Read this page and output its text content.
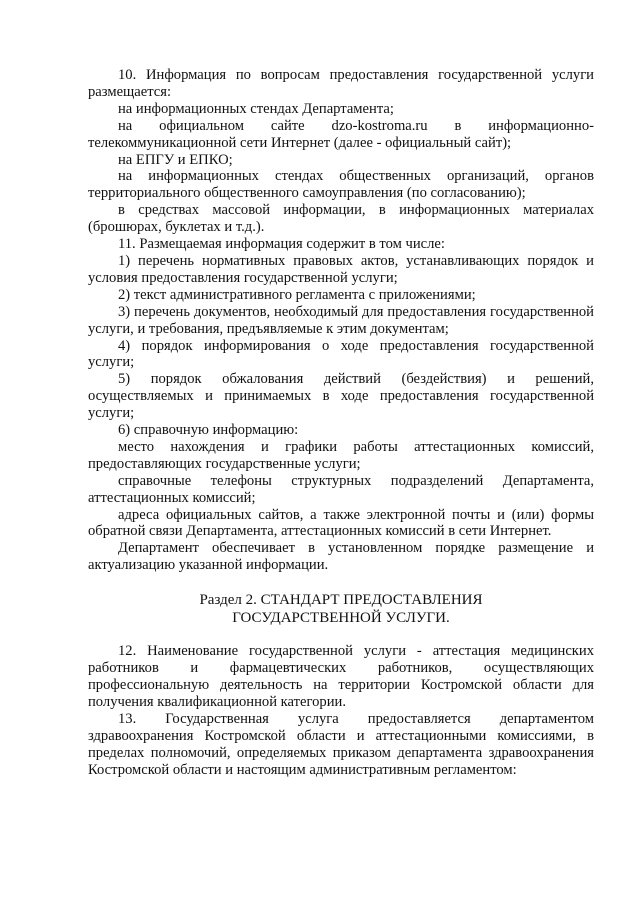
10. Информация по вопросам предоставления государственной услуги размещается:

на информационных стендах Департамента;

на официальном сайте dzo-kostroma.ru в информационно-телекоммуникационной сети Интернет (далее - официальный сайт);

на ЕПГУ и ЕПКО;

на информационных стендах общественных организаций, органов территориального общественного самоуправления (по согласованию);

в средствах массовой информации, в информационных материалах (брошюрах, буклетах и т.д.).

11. Размещаемая информация содержит в том числе:

1) перечень нормативных правовых актов, устанавливающих порядок и условия предоставления государственной услуги;

2) текст административного регламента с приложениями;

3) перечень документов, необходимый для предоставления государственной услуги, и требования, предъявляемые к этим документам;

4) порядок информирования о ходе предоставления государственной услуги;

5) порядок обжалования действий (бездействия) и решений, осуществляемых и принимаемых в ходе предоставления государственной услуги;

6) справочную информацию:

место нахождения и графики работы аттестационных комиссий, предоставляющих государственные услуги;

справочные телефоны структурных подразделений Департамента, аттестационных комиссий;

адреса официальных сайтов, а также электронной почты и (или) формы обратной связи Департамента, аттестационных комиссий в сети Интернет.

Департамент обеспечивает в установленном порядке размещение и актуализацию указанной информации.

Раздел 2. СТАНДАРТ ПРЕДОСТАВЛЕНИЯ
ГОСУДАРСТВЕННОЙ УСЛУГИ.

12. Наименование государственной услуги - аттестация медицинских работников и фармацевтических работников, осуществляющих профессиональную деятельность на территории Костромской области для получения квалификационной категории.

13. Государственная услуга предоставляется департаментом здравоохранения Костромской области и аттестационными комиссиями, в пределах полномочий, определяемых приказом департамента здравоохранения Костромской области и настоящим административным регламентом:
